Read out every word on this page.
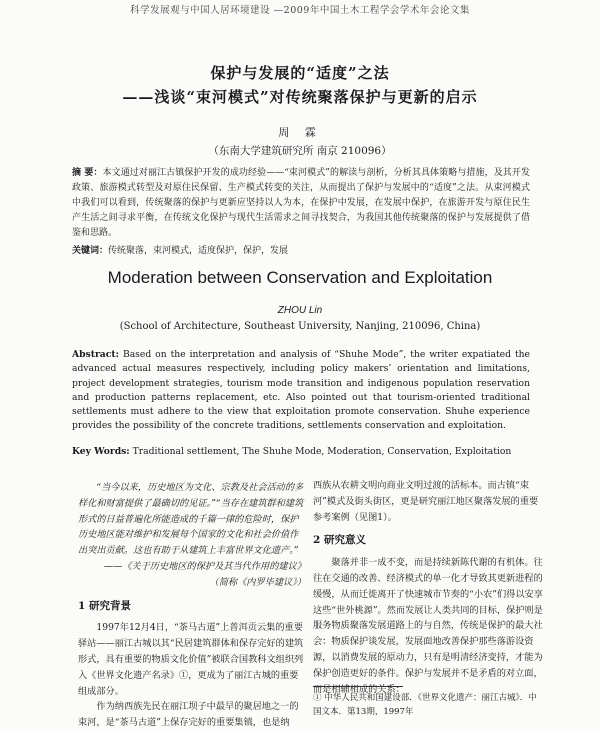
科学发展观与中国人居环境建设 —2009年中国土木工程学会学术年会论文集
保护与发展的“适度”之法
——浅谈“束河模式”对传统聚落保护与更新的启示
周 霖
（东南大学建筑研究所 南京 210096）
摘 要：本文通过对丽江古镇保护开发的成功经验——“束河模式”的解读与剖析，分析其具体策略与措施，及其开发政策、旅游模式转型及对原住民保留、生产模式转变的关注，从而提出了保护与发展中的“适度”之法。从束河模式中我们可以看到，传统聚落的保护与更新应坚持以人为本，在保护中发展，在发展中保护，在旅游开发与原住民生产生活之间寻求平衡，在传统文化保护与现代生活需求之间寻找契合，为我国其他传统聚落的保护与发展提供了借鉴和思路。
关键词：传统聚落，束河模式，适度保护，保护，发展
Moderation between Conservation and Exploitation
ZHOU Lin
(School of Architecture, Southeast University, Nanjing, 210096, China)
Abstract: Based on the interpretation and analysis of “Shuhe Mode”, the writer expatiated the advanced actual measures respectively, including policy makers’ orientation and limitations, project development strategies, tourism mode transition and indigenous population reservation and production patterns replacement, etc. Also pointed out that tourism-oriented traditional settlements must adhere to the view that exploitation promote conservation. Shuhe experience provides the possibility of the concrete traditions, settlements conservation and exploitation.
Key Words: Traditional settlement, The Shuhe Mode, Moderation, Conservation, Exploitation

“当今以来，历史地区为文化、宗教及社会活动的多样化和财富提供了最确切的见证。”“当存在建筑群和建筑形式的日益普遍化所能造成的千篇一律的危险时，保护历史地区能对维护和发展每个国家的文化和社会价值作出突出贡献。这也有助于从建筑上丰富世界文化遗产。”

——《关于历史地区的保护及其当代作用的建议》

（简称《内罗毕建议》）

1 研究背景

1997年12月4日，“茶马古道”上普洱贡云集的重要驿站——丽江古城以其“民居建筑群体和保存完好的建筑形式，具有重要的物质文化价值”被联合国教科文组织列入《世界文化遗产名录》①，更成为了丽江古城的重要组成部分。

作为纳西族先民在丽江坝子中最早的聚居地之一的束河，是“茶马古道”上保存完好的重要集镇，也是纳

西族从农耕文明向商业文明过渡的活标本。而古镇“束河”模式及街头街区，更是研究丽江地区聚落发展的重要参考案例（见图1）。

2 研究意义

聚落并非一成不变，而是持续新陈代谢的有机体。往往在交通的改善、经济模式的单一化才导致其更新进程的缓慢，从而迁徙离开了快速城市节奏的“小农”们得以安享这些“世外桃源”。然而发展让人类共同的目标，保护则是服务物质聚落发展道路上的与自然，传统是保护的最大社会：物质保护谈发展，发展面地改善保护那些落游设资源，以消费发展的原动力，只有是明清经济变持，才能为保护创造更好的条件。保护与发展并不是矛盾的对立面，而是相辅相成的关系：

① 中华人民共和国建设部．《世界文化遗产：丽江古城》．中国文本．第13期，1997年
